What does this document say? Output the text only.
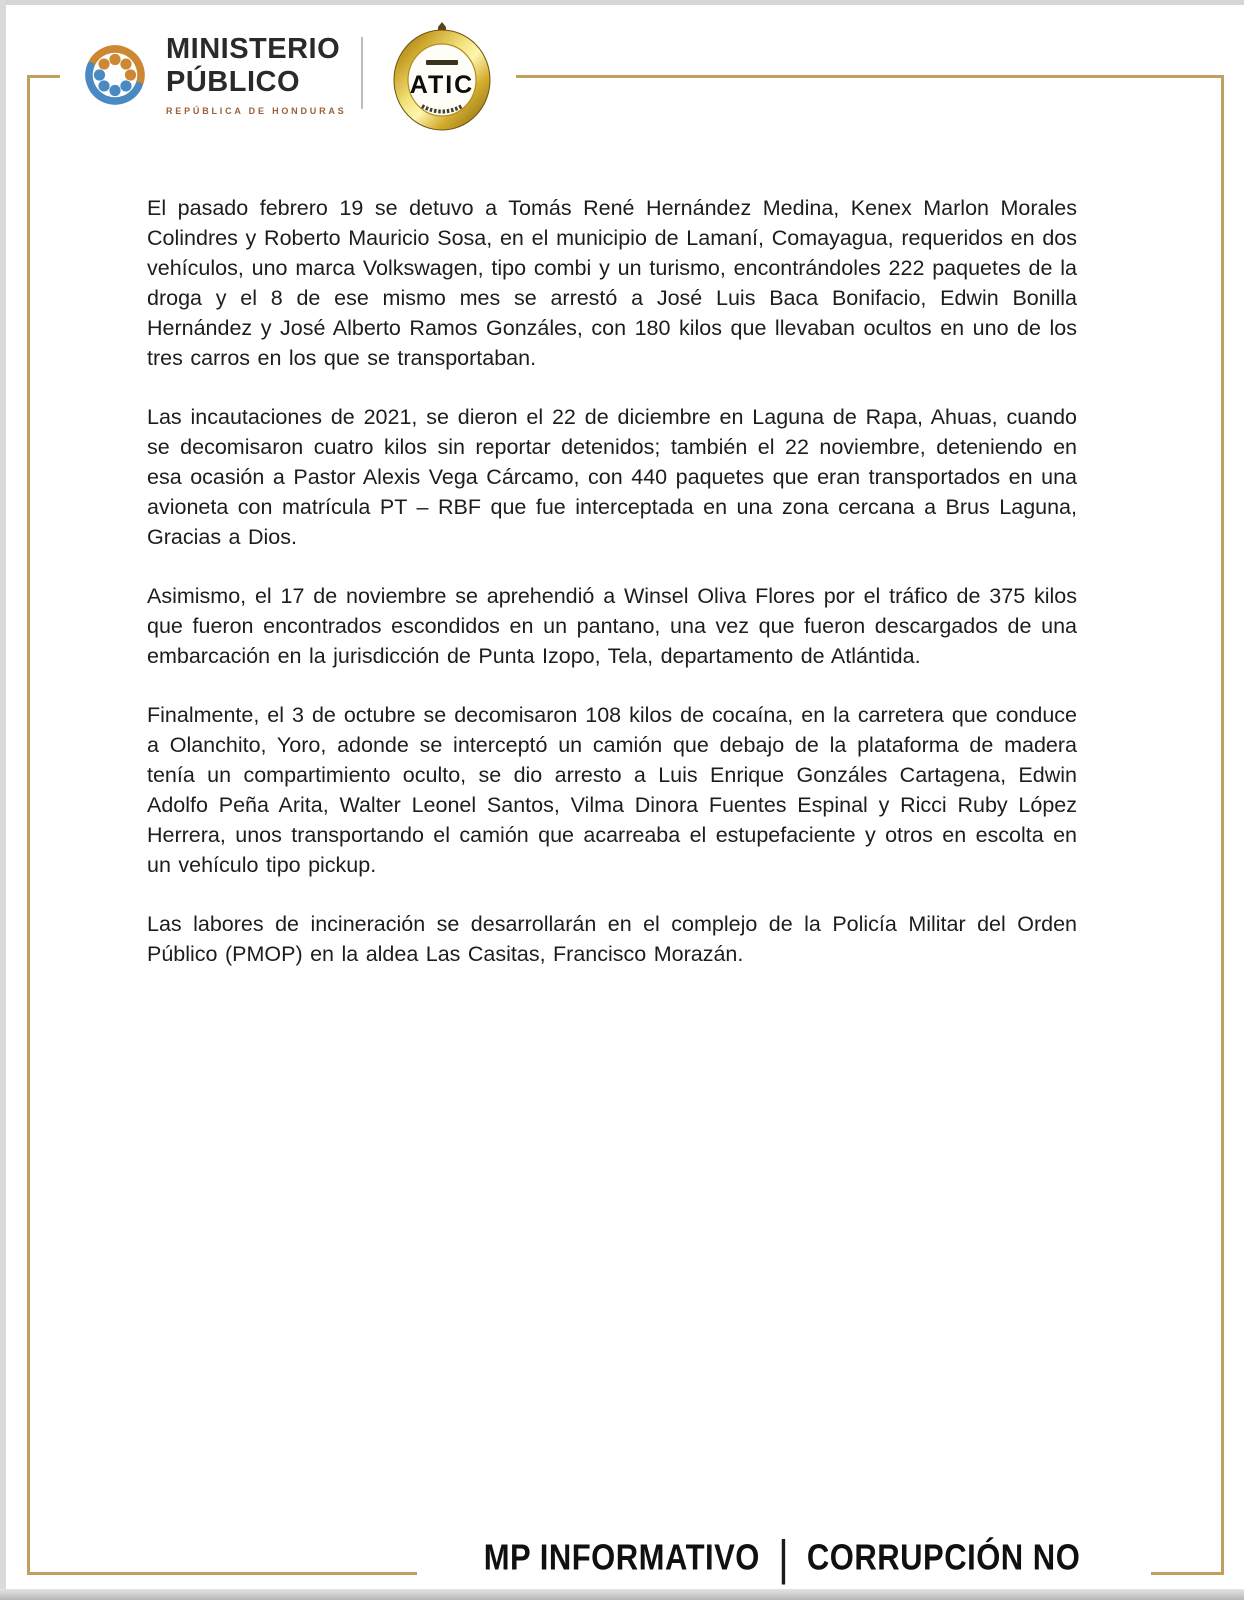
MINISTERIO
PÚBLICO
REPÚBLICA DE HONDURAS
ATIC

El pasado febrero 19 se detuvo a Tomás René Hernández Medina, Kenex Marlon Morales Colindres y Roberto Mauricio Sosa, en el municipio de Lamaní, Comayagua, requeridos en dos vehículos, uno marca Volkswagen, tipo combi y un turismo, encontrándoles 222 paquetes de la droga y el 8 de ese mismo mes se arrestó a José Luis Baca Bonifacio, Edwin Bonilla Hernández y José Alberto Ramos Gonzáles, con 180 kilos que llevaban ocultos en uno de los tres carros en los que se transportaban.

Las incautaciones de 2021, se dieron el 22 de diciembre en Laguna de Rapa, Ahuas, cuando se decomisaron cuatro kilos sin reportar detenidos; también el 22 noviembre, deteniendo en esa ocasión a Pastor Alexis Vega Cárcamo, con 440 paquetes que eran transportados en una avioneta con matrícula PT – RBF que fue interceptada en una zona cercana a Brus Laguna, Gracias a Dios.

Asimismo, el 17 de noviembre se aprehendió a Winsel Oliva Flores por el tráfico de 375 kilos que fueron encontrados escondidos en un pantano, una vez que fueron descargados de una embarcación en la jurisdicción de Punta Izopo, Tela, departamento de Atlántida.

Finalmente, el 3 de octubre se decomisaron 108 kilos de cocaína, en la carretera que conduce a Olanchito, Yoro, adonde se interceptó un camión que debajo de la plataforma de madera tenía un compartimiento oculto, se dio arresto a Luis Enrique Gonzáles Cartagena, Edwin Adolfo Peña Arita, Walter Leonel Santos, Vilma Dinora Fuentes Espinal y Ricci Ruby López Herrera, unos transportando el camión que acarreaba el estupefaciente y otros en escolta en un vehículo tipo pickup.

Las labores de incineración se desarrollarán en el complejo de la Policía Militar del Orden Público (PMOP) en la aldea Las Casitas, Francisco Morazán.

MP INFORMATIVO | CORRUPCIÓN NO
